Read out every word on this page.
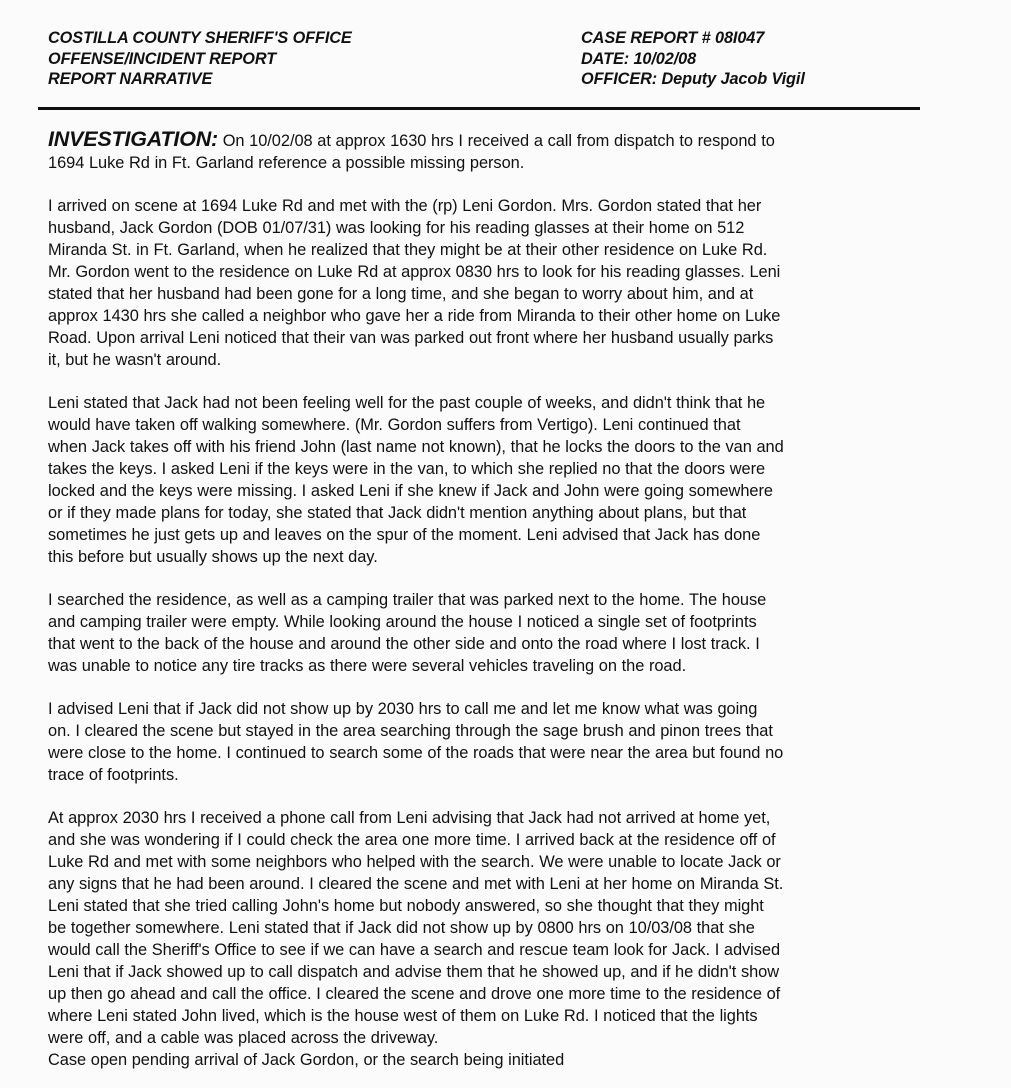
COSTILLA COUNTY SHERIFF'S OFFICE
OFFENSE/INCIDENT REPORT
REPORT NARRATIVE
CASE REPORT # 08I047
DATE: 10/02/08
OFFICER: Deputy Jacob Vigil

INVESTIGATION: On 10/02/08 at approx 1630 hrs I received a call from dispatch to respond to
1694 Luke Rd in Ft. Garland reference a possible missing person.

I arrived on scene at 1694 Luke Rd and met with the (rp) Leni Gordon. Mrs. Gordon stated that her
husband, Jack Gordon (DOB 01/07/31) was looking for his reading glasses at their home on 512
Miranda St. in Ft. Garland, when he realized that they might be at their other residence on Luke Rd.
Mr. Gordon went to the residence on Luke Rd at approx 0830 hrs to look for his reading glasses. Leni
stated that her husband had been gone for a long time, and she began to worry about him, and at
approx 1430 hrs she called a neighbor who gave her a ride from Miranda to their other home on Luke
Road. Upon arrival Leni noticed that their van was parked out front where her husband usually parks
it, but he wasn't around.

Leni stated that Jack had not been feeling well for the past couple of weeks, and didn't think that he
would have taken off walking somewhere. (Mr. Gordon suffers from Vertigo). Leni continued that
when Jack takes off with his friend John (last name not known), that he locks the doors to the van and
takes the keys. I asked Leni if the keys were in the van, to which she replied no that the doors were
locked and the keys were missing. I asked Leni if she knew if Jack and John were going somewhere
or if they made plans for today, she stated that Jack didn't mention anything about plans, but that
sometimes he just gets up and leaves on the spur of the moment. Leni advised that Jack has done
this before but usually shows up the next day.

I searched the residence, as well as a camping trailer that was parked next to the home. The house
and camping trailer were empty. While looking around the house I noticed a single set of footprints
that went to the back of the house and around the other side and onto the road where I lost track. I
was unable to notice any tire tracks as there were several vehicles traveling on the road.

I advised Leni that if Jack did not show up by 2030 hrs to call me and let me know what was going
on. I cleared the scene but stayed in the area searching through the sage brush and pinon trees that
were close to the home. I continued to search some of the roads that were near the area but found no
trace of footprints.

At approx 2030 hrs I received a phone call from Leni advising that Jack had not arrived at home yet,
and she was wondering if I could check the area one more time. I arrived back at the residence off of
Luke Rd and met with some neighbors who helped with the search. We were unable to locate Jack or
any signs that he had been around. I cleared the scene and met with Leni at her home on Miranda St.
Leni stated that she tried calling John's home but nobody answered, so she thought that they might
be together somewhere. Leni stated that if Jack did not show up by 0800 hrs on 10/03/08 that she
would call the Sheriff's Office to see if we can have a search and rescue team look for Jack. I advised
Leni that if Jack showed up to call dispatch and advise them that he showed up, and if he didn't show
up then go ahead and call the office. I cleared the scene and drove one more time to the residence of
where Leni stated John lived, which is the house west of them on Luke Rd. I noticed that the lights
were off, and a cable was placed across the driveway.

Case open pending arrival of Jack Gordon, or the search being initiated
